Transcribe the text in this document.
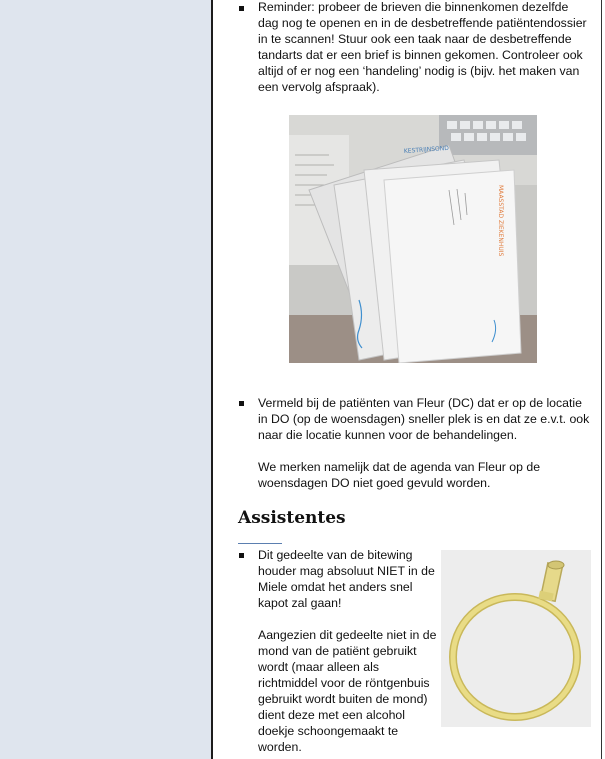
Reminder: probeer de brieven die binnenkomen dezelfde
dag nog te openen en in de desbetreffende patiëntendossier
in te scannen! Stuur ook een taak naar de desbetreffende
tandarts dat er een brief is binnen gekomen. Controleer ook
altijd of er nog een ‘handeling’ nodig is (bijv. het maken van
een vervolg afspraak).
KESTRIJNSOND
MAASSTAD ZIEKENHUIS
Vermeld bij de patiënten van Fleur (DC) dat er op de locatie
in DO (op de woensdagen) sneller plek is en dat ze e.v.t. ook
naar die locatie kunnen voor de behandelingen.
We merken namelijk dat de agenda van Fleur op de
woensdagen DO niet goed gevuld worden.
Assistentes
Dit gedeelte van de bitewing
houder mag absoluut NIET in de
Miele omdat het anders snel
kapot zal gaan!
Aangezien dit gedeelte niet in de
mond van de patiënt gebruikt
wordt (maar alleen als
richtmiddel voor de röntgenbuis
gebruikt wordt buiten de mond)
dient deze met een alcohol
doekje schoongemaakt te
worden.
